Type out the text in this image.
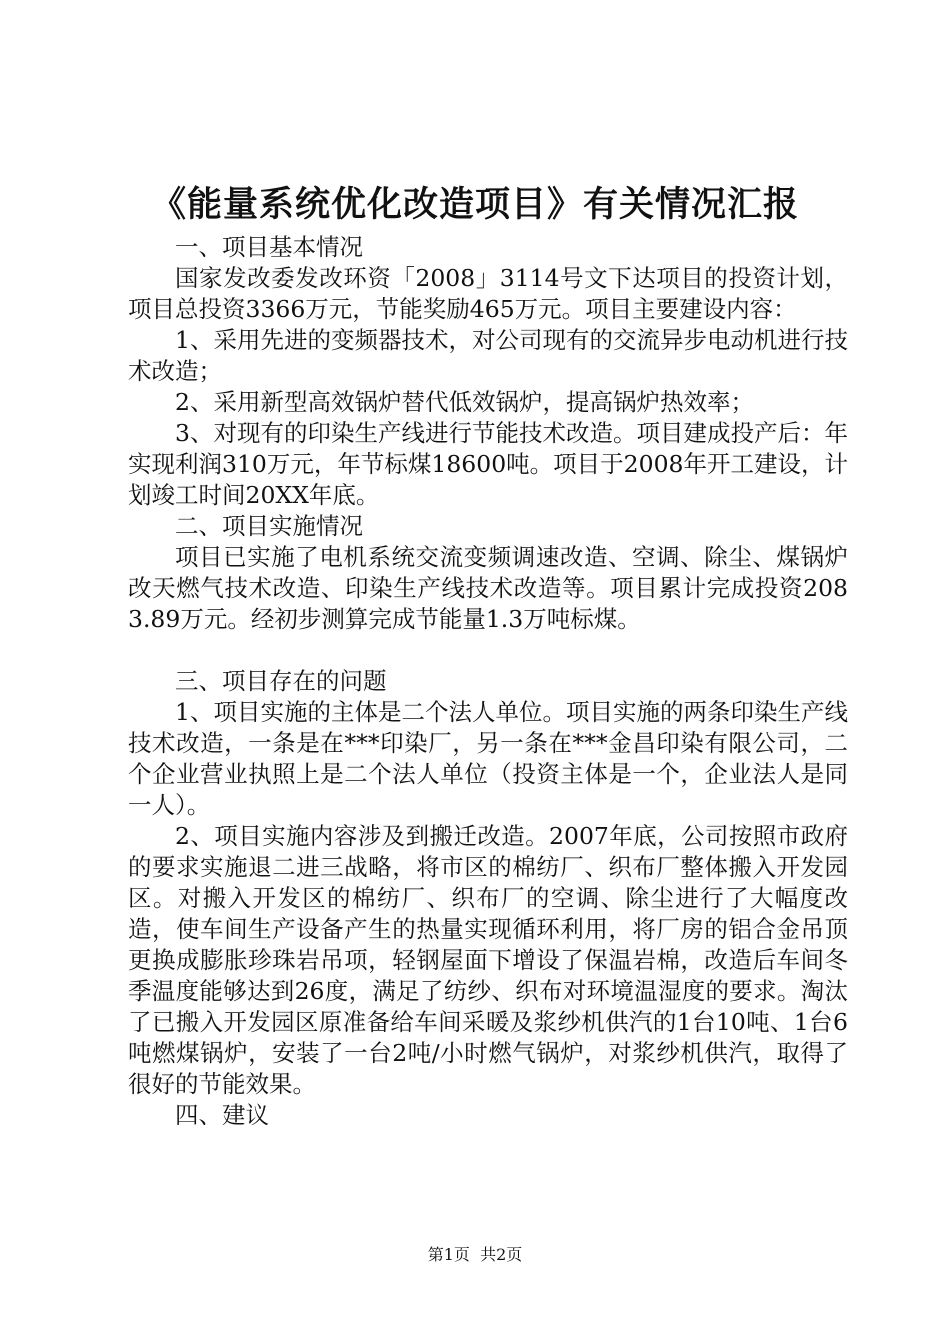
《能量系统优化改造项目》有关情况汇报

一、项目基本情况

国家发改委发改环资「2008」3114号文下达项目的投资计划，项目总投资3366万元，节能奖励465万元。项目主要建设内容：

1、采用先进的变频器技术，对公司现有的交流异步电动机进行技术改造；

2、采用新型高效锅炉替代低效锅炉，提高锅炉热效率；

3、对现有的印染生产线进行节能技术改造。项目建成投产后：年实现利润310万元，年节标煤18600吨。项目于2008年开工建设，计划竣工时间20XX年底。

二、项目实施情况

项目已实施了电机系统交流变频调速改造、空调、除尘、煤锅炉改天燃气技术改造、印染生产线技术改造等。项目累计完成投资2083.89万元。经初步测算完成节能量1.3万吨标煤。

三、项目存在的问题

1、项目实施的主体是二个法人单位。项目实施的两条印染生产线技术改造，一条是在***印染厂，另一条在***金昌印染有限公司，二个企业营业执照上是二个法人单位（投资主体是一个，企业法人是同一人）。

2、项目实施内容涉及到搬迁改造。2007年底，公司按照市政府的要求实施退二进三战略，将市区的棉纺厂、织布厂整体搬入开发园区。对搬入开发区的棉纺厂、织布厂的空调、除尘进行了大幅度改造，使车间生产设备产生的热量实现循环利用，将厂房的铝合金吊顶更换成膨胀珍珠岩吊项，轻钢屋面下增设了保温岩棉，改造后车间冬季温度能够达到26度，满足了纺纱、织布对环境温湿度的要求。淘汰了已搬入开发园区原准备给车间采暖及浆纱机供汽的1台10吨、1台6吨燃煤锅炉，安装了一台2吨/小时燃气锅炉，对浆纱机供汽，取得了很好的节能效果。

四、建议

第1页  共2页
